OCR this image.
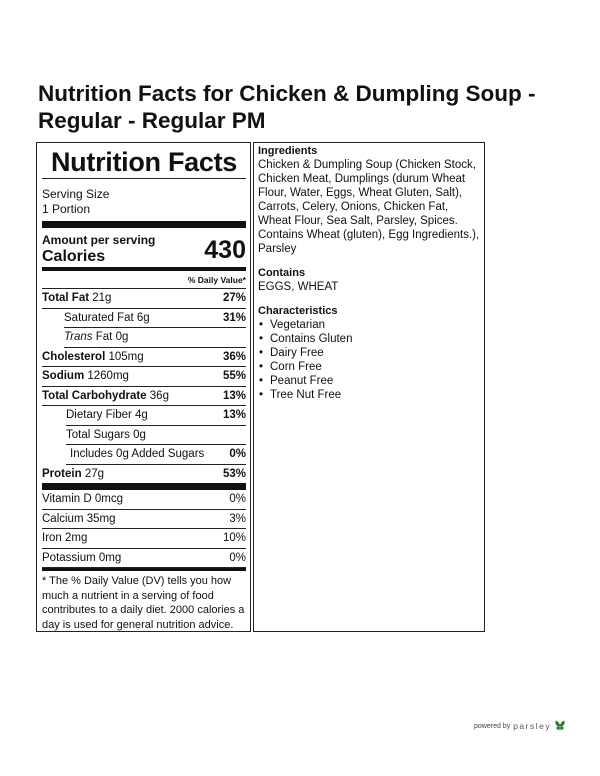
Nutrition Facts for Chicken & Dumpling Soup - Regular - Regular PM
Nutrition Facts
Serving Size
1 Portion
Amount per serving
Calories	430
% Daily Value*
Total Fat 21g	27%
Saturated Fat 6g	31%
Trans Fat 0g
Cholesterol 105mg	36%
Sodium 1260mg	55%
Total Carbohydrate 36g	13%
Dietary Fiber 4g	13%
Total Sugars 0g
Includes 0g Added Sugars 0%
Protein 27g	53%
Vitamin D 0mcg	0%
Calcium 35mg	3%
Iron 2mg	10%
Potassium 0mg	0%
* The % Daily Value (DV) tells you how much a nutrient in a serving of food contributes to a daily diet. 2000 calories a day is used for general nutrition advice.
Ingredients
Chicken & Dumpling Soup (Chicken Stock, Chicken Meat, Dumplings (durum Wheat Flour, Water, Eggs, Wheat Gluten, Salt), Carrots, Celery, Onions, Chicken Fat, Wheat Flour, Sea Salt, Parsley, Spices. Contains Wheat (gluten), Egg Ingredients.), Parsley
Contains
EGGS, WHEAT
Characteristics
• Vegetarian
• Contains Gluten
• Dairy Free
• Corn Free
• Peanut Free
• Tree Nut Free
powered by parsley
